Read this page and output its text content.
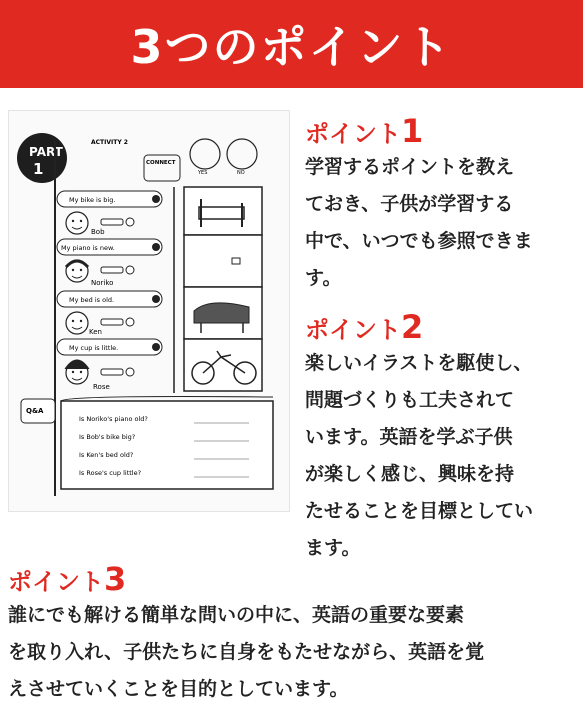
3つのポイント
PART
1
ACTIVITY 2
CONNECT
YES	NO
My bike is big.
My piano is new.
My bed is old.
My cup is little.
Bob
Noriko
Ken
Rose
Q&A
Is Noriko's piano old?
Is Bob's bike big?
Is Ken's bed old?
Is Rose's cup little?
ポイント1
学習するポイントを教え
ておき、子供が学習する
中で、いつでも参照できま
す。
ポイント2
楽しいイラストを駆使し、
問題づくりも工夫されて
います。英語を学ぶ子供
が楽しく感じ、興味を持
たせることを目標としてい
ます。
ポイント3
誰にでも解ける簡単な問いの中に、英語の重要な要素
を取り入れ、子供たちに自身をもたせながら、英語を覚
えさせていくことを目的としています。
